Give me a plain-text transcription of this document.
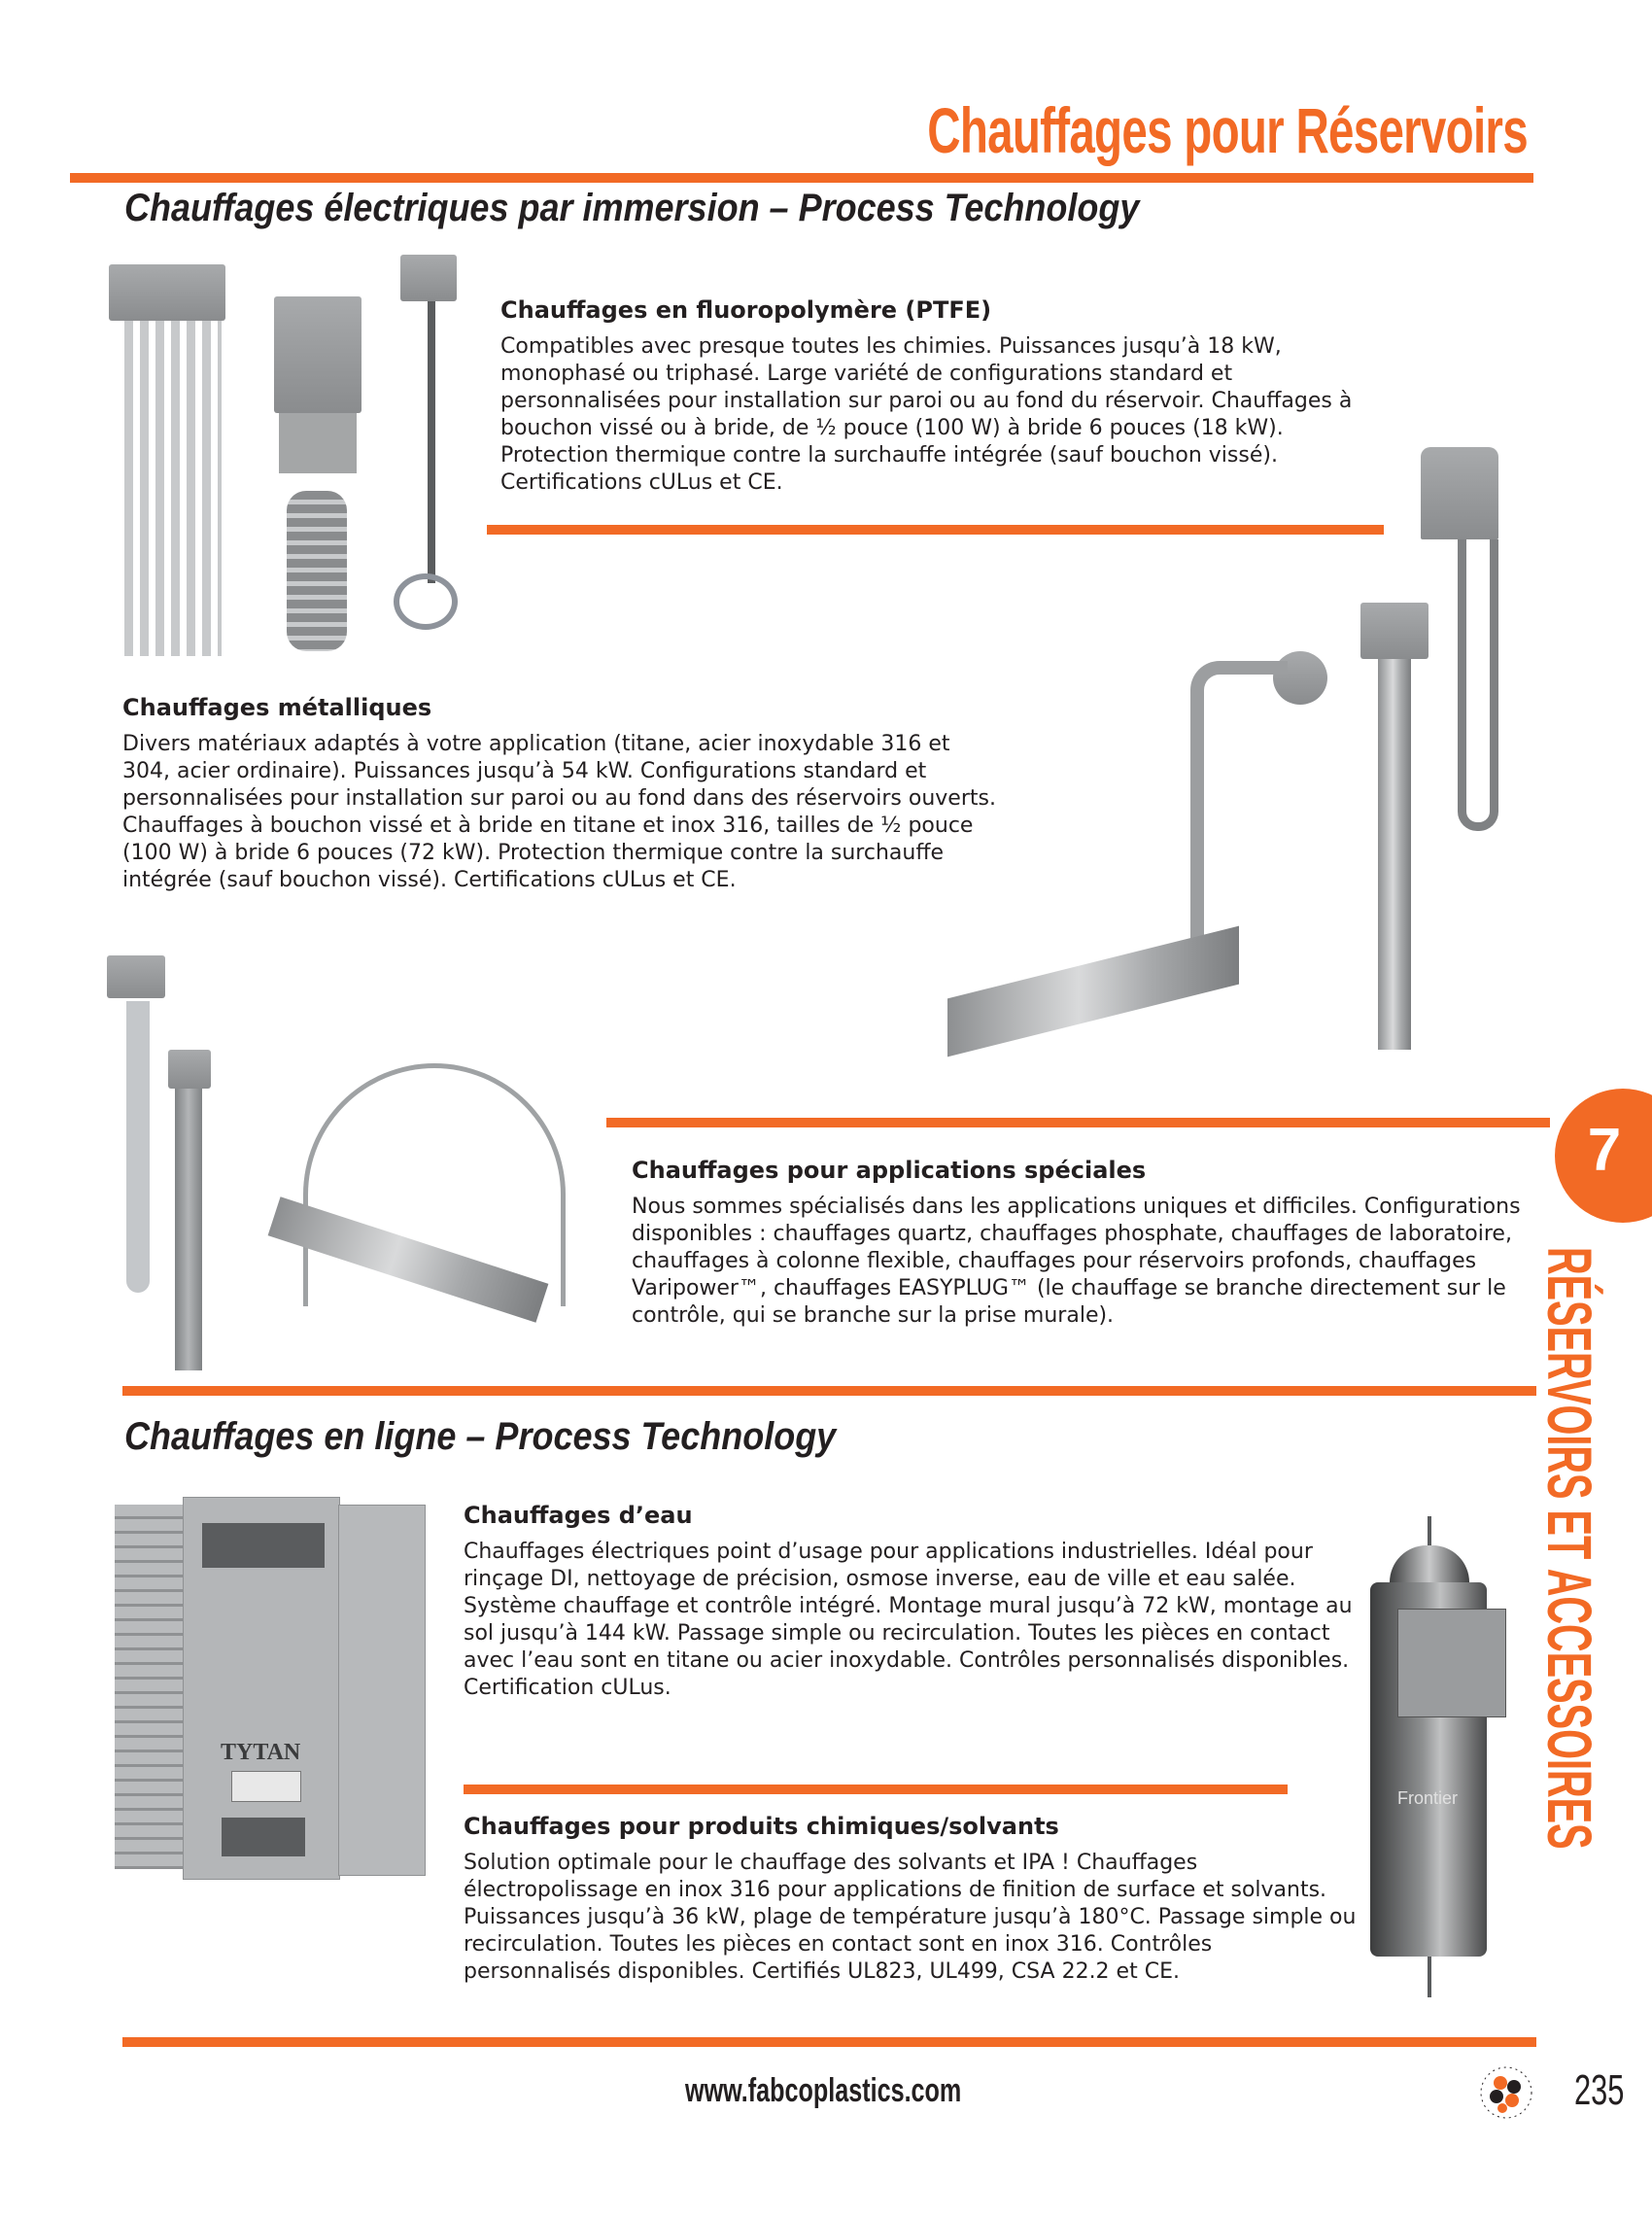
Chauffages pour Réservoirs
Chauffages électriques par immersion – Process Technology
Chauffages en fluoropolymère (PTFE)

Compatibles avec presque toutes les chimies. Puissances jusqu’à 18 kW, monophasé ou triphasé. Large variété de configurations standard et personnalisées pour installation sur paroi ou au fond du réservoir. Chauffages à bouchon vissé ou à bride, de ½ pouce (100 W) à bride 6 pouces (18 kW). Protection thermique contre la surchauffe intégrée (sauf bouchon vissé). Certifications cULus et CE.

Chauffages métalliques

Divers matériaux adaptés à votre application (titane, acier inoxydable 316 et 304, acier ordinaire). Puissances jusqu’à 54 kW. Configurations standard et personnalisées pour installation sur paroi ou au fond dans des réservoirs ouverts. Chauffages à bouchon vissé et à bride en titane et inox 316, tailles de ½ pouce (100 W) à bride 6 pouces (72 kW). Protection thermique contre la surchauffe intégrée (sauf bouchon vissé). Certifications cULus et CE.

Chauffages pour applications spéciales

Nous sommes spécialisés dans les applications uniques et difficiles. Configurations disponibles : chauffages quartz, chauffages phosphate, chauffages de laboratoire, chauffages à colonne flexible, chauffages pour réservoirs profonds, chauffages Varipower™, chauffages EASYPLUG™ (le chauffage se branche directement sur le contrôle, qui se branche sur la prise murale).

Chauffages en ligne – Process Technology
TYTAN
Chauffages d’eau

Chauffages électriques point d’usage pour applications industrielles. Idéal pour rinçage DI, nettoyage de précision, osmose inverse, eau de ville et eau salée. Système chauffage et contrôle intégré. Montage mural jusqu’à 72 kW, montage au sol jusqu’à 144 kW. Passage simple ou recirculation. Toutes les pièces en contact avec l’eau sont en titane ou acier inoxydable. Contrôles personnalisés disponibles. Certification cULus.

Chauffages pour produits chimiques/solvants

Solution optimale pour le chauffage des solvants et IPA ! Chauffages électropolissage en inox 316 pour applications de finition de surface et solvants. Puissances jusqu’à 36 kW, plage de température jusqu’à 180°C. Passage simple ou recirculation. Toutes les pièces en contact sont en inox 316. Contrôles personnalisés disponibles. Certifiés UL823, UL499, CSA 22.2 et CE.

Frontier
7
RÉSERVOIRS ET ACCESSOIRES
www.fabcoplastics.com	235
